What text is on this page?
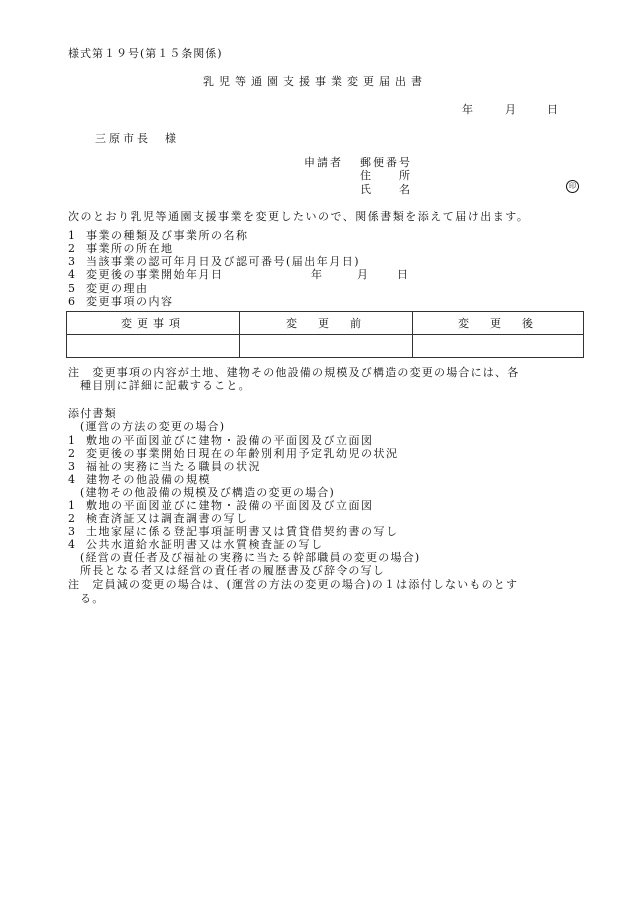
様式第１９号(第１５条関係)
乳児等通園支援事業変更届出書
年	月	日
三原市長　様
申請者 郵便番号
住　　所
氏　　名	印
次のとおり乳児等通園支援事業を変更したいので、関係書類を添えて届け出ます。
1 事業の種類及び事業所の名称
2 事業所の所在地
3 当該事業の認可年月日及び認可番号(届出年月日)
4 変更後の事業開始年月日	年	月	日
5 変更の理由
6 変更事項の内容
変更事項	変　更　前	変　更　後

注　変更事項の内容が土地、建物その他設備の規模及び構造の変更の場合には、各
種目別に詳細に記載すること。
添付書類
(運営の方法の変更の場合)
1 敷地の平面図並びに建物・設備の平面図及び立面図
2 変更後の事業開始日現在の年齢別利用予定乳幼児の状況
3 福祉の実務に当たる職員の状況
4 建物その他設備の規模
(建物その他設備の規模及び構造の変更の場合)
1 敷地の平面図並びに建物・設備の平面図及び立面図
2 検査済証又は調査調書の写し
3 土地家屋に係る登記事項証明書又は賃貸借契約書の写し
4 公共水道給水証明書又は水質検査証の写し
(経営の責任者及び福祉の実務に当たる幹部職員の変更の場合)
所長となる者又は経営の責任者の履歴書及び辞令の写し
注　定員減の変更の場合は、(運営の方法の変更の場合)の１は添付しないものとす
る。
